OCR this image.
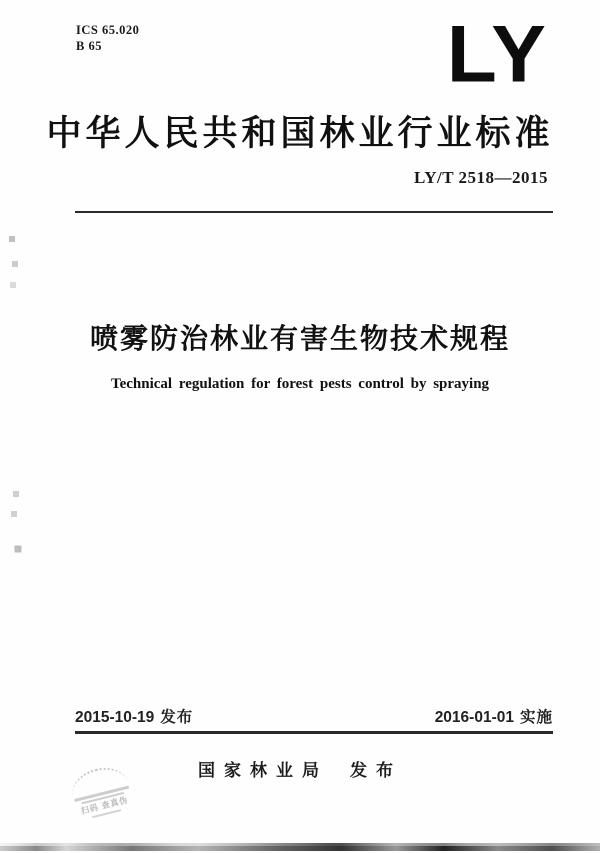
ICS 65.020
B 65	LY
中华人民共和国林业行业标准
LY/T 2518—2015
喷雾防治林业有害生物技术规程
Technical regulation for forest pests control by spraying
2015-10-19 发布	2016-01-01 实施
国家林业局 发布
扫码 查真伪
